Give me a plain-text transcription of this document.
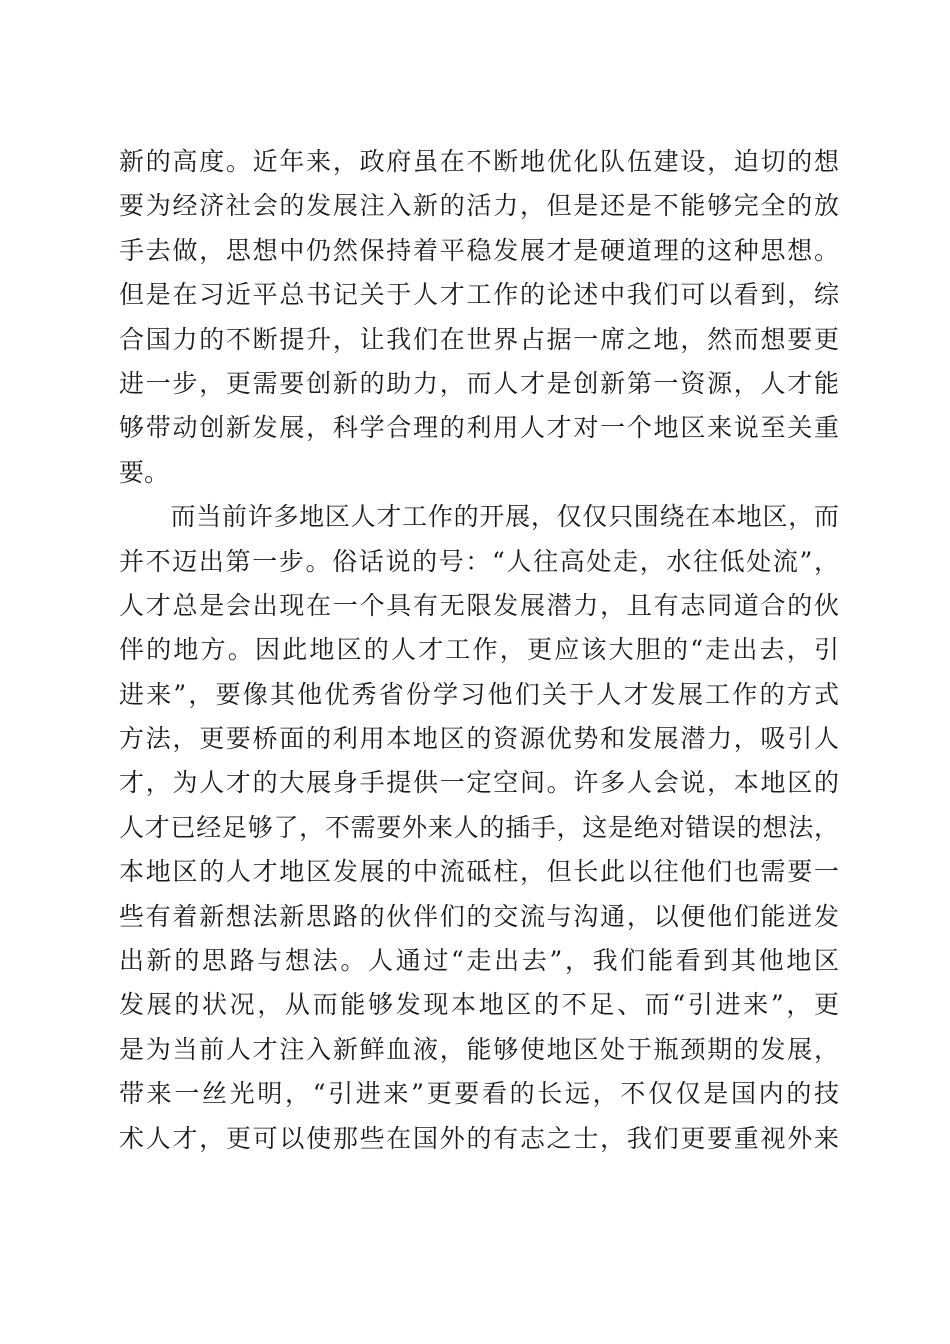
新的高度。近年来，政府虽在不断地优化队伍建设，迫切的想
要为经济社会的发展注入新的活力，但是还是不能够完全的放
手去做，思想中仍然保持着平稳发展才是硬道理的这种思想。
但是在习近平总书记关于人才工作的论述中我们可以看到，综
合国力的不断提升，让我们在世界占据一席之地，然而想要更
进一步，更需要创新的助力，而人才是创新第一资源，人才能
够带动创新发展，科学合理的利用人才对一个地区来说至关重
要。
　　而当前许多地区人才工作的开展，仅仅只围绕在本地区，而
并不迈出第一步。俗话说的号：“人往高处走，水往低处流”，
人才总是会出现在一个具有无限发展潜力，且有志同道合的伙
伴的地方。因此地区的人才工作，更应该大胆的“走出去，引
进来”，要像其他优秀省份学习他们关于人才发展工作的方式
方法，更要桥面的利用本地区的资源优势和发展潜力，吸引人
才，为人才的大展身手提供一定空间。许多人会说，本地区的
人才已经足够了，不需要外来人的插手，这是绝对错误的想法，
本地区的人才地区发展的中流砥柱，但长此以往他们也需要一
些有着新想法新思路的伙伴们的交流与沟通，以便他们能迸发
出新的思路与想法。人通过“走出去”，我们能看到其他地区
发展的状况，从而能够发现本地区的不足、而“引进来”，更
是为当前人才注入新鲜血液，能够使地区处于瓶颈期的发展，
带来一丝光明，“引进来”更要看的长远，不仅仅是国内的技
术人才，更可以使那些在国外的有志之士，我们更要重视外来
